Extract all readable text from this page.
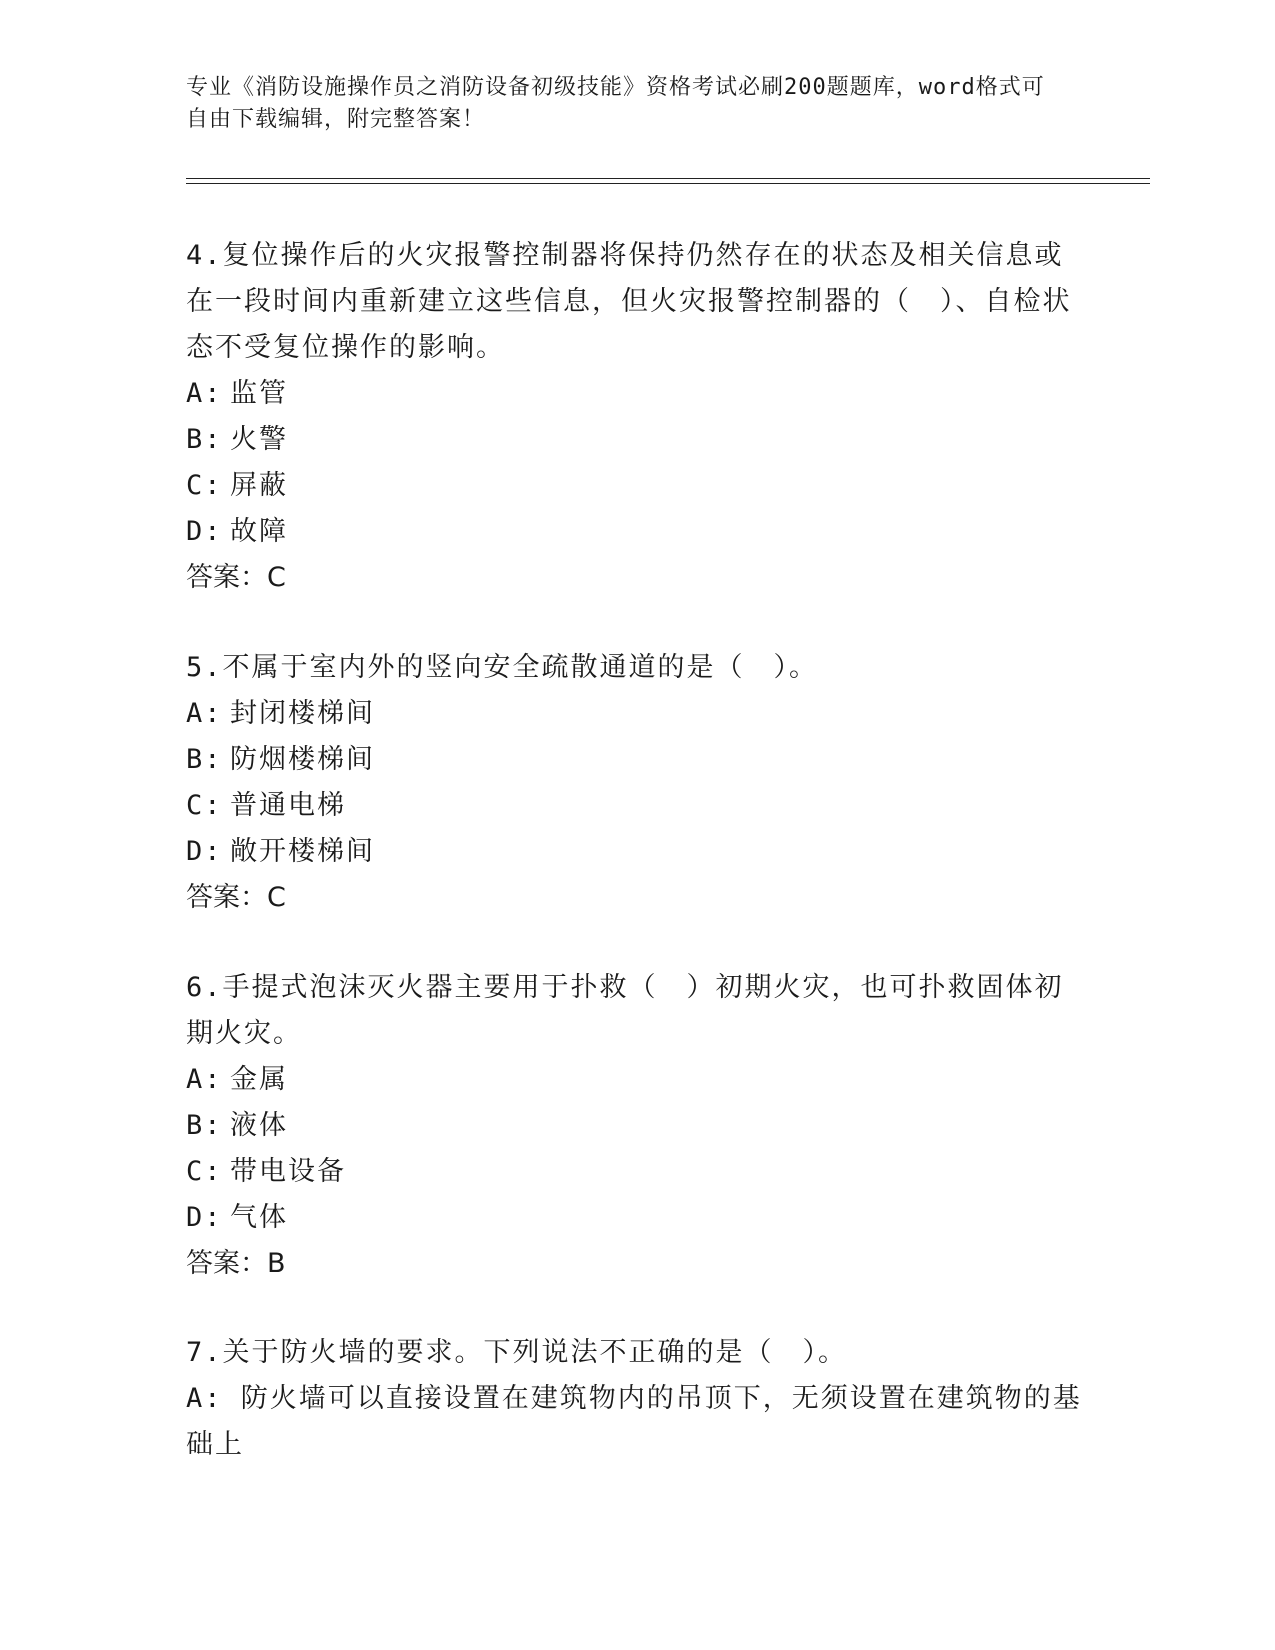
专业《消防设施操作员之消防设备初级技能》资格考试必刷200题题库，word格式可自由下载编辑，附完整答案！

4.复位操作后的火灾报警控制器将保持仍然存在的状态及相关信息或在一段时间内重新建立这些信息，但火灾报警控制器的（　）、自检状态不受复位操作的影响。

A: 监管
B: 火警
C: 屏蔽
D: 故障
答案：C

5.不属于室内外的竖向安全疏散通道的是（　）。

A: 封闭楼梯间
B: 防烟楼梯间
C: 普通电梯
D: 敞开楼梯间
答案：C

6.手提式泡沫灭火器主要用于扑救（　）初期火灾，也可扑救固体初期火灾。

A: 金属
B: 液体
C: 带电设备
D: 气体
答案：B

7.关于防火墙的要求。下列说法不正确的是（　）。

A: 防火墙可以直接设置在建筑物内的吊顶下，无须设置在建筑物的基础上
